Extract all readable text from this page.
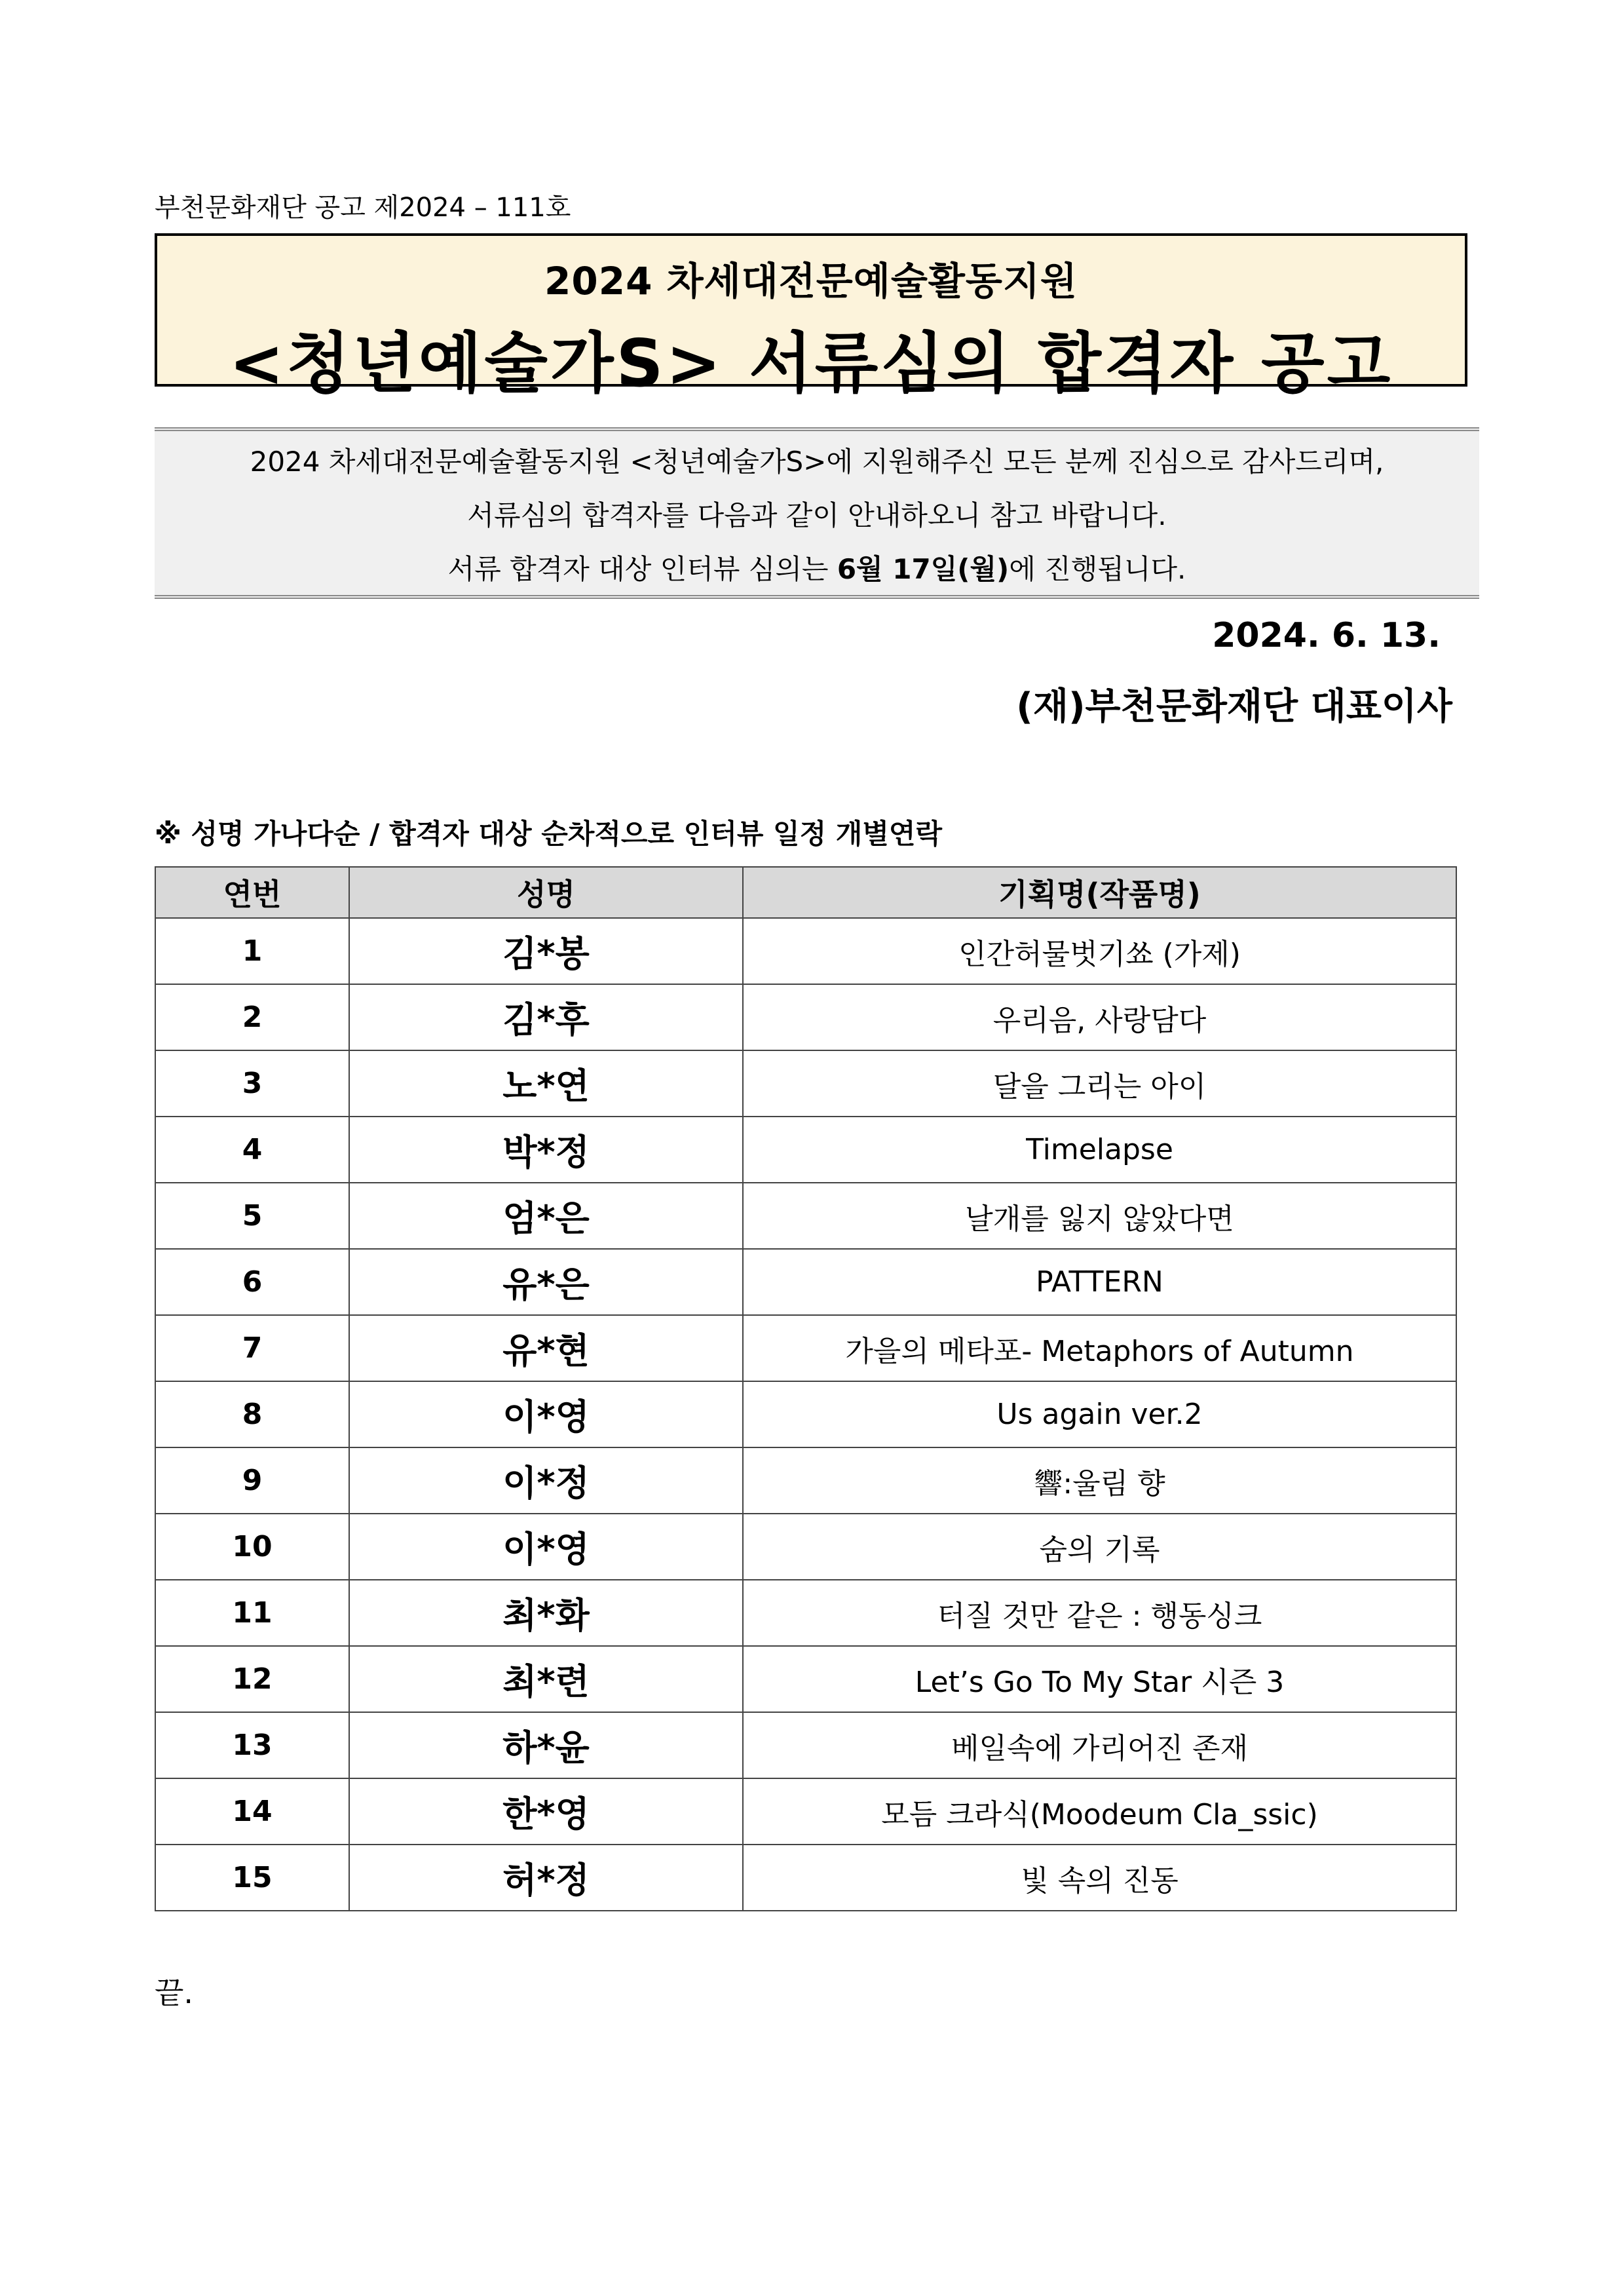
부천문화재단 공고 제2024 – 111호
2024 차세대전문예술활동지원
<청년예술가S> 서류심의 합격자 공고
2024 차세대전문예술활동지원 <청년예술가S>에 지원해주신 모든 분께 진심으로 감사드리며,
서류심의 합격자를 다음과 같이 안내하오니 참고 바랍니다.
서류 합격자 대상 인터뷰 심의는 6월 17일(월)에 진행됩니다.
2024. 6. 13.
(재)부천문화재단 대표이사
※ 성명 가나다순 / 합격자 대상 순차적으로 인터뷰 일정 개별연락
연번	성명	기획명(작품명)
1	김*봉	인간허물벗기쑈 (가제)
2	김*후	우리음, 사랑담다
3	노*연	달을 그리는 아이
4	박*정	Timelapse
5	엄*은	날개를 잃지 않았다면
6	유*은	PATTERN
7	유*현	가을의 메타포- Metaphors of Autumn
8	이*영	Us again ver.2
9	이*정	響:울림 향
10	이*영	숨의 기록
11	최*화	터질 것만 같은 : 행동싱크
12	최*련	Let’s Go To My Star 시즌 3
13	하*윤	베일속에 가리어진 존재
14	한*영	모듬 크라식(Moodeum Cla_ssic)
15	허*정	빛 속의 진동
끝.
